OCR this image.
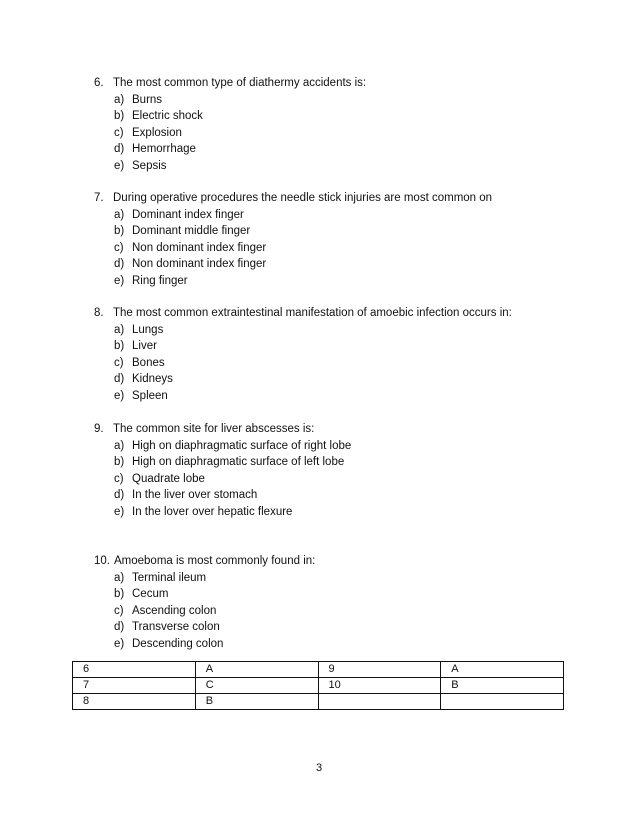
6. The most common type of diathermy accidents is:
a) Burns
b) Electric shock
c) Explosion
d) Hemorrhage
e) Sepsis
7. During operative procedures the needle stick injuries are most common on
a) Dominant index finger
b) Dominant middle finger
c) Non dominant index finger
d) Non dominant index finger
e) Ring finger
8. The most common extraintestinal manifestation of amoebic infection occurs in:
a) Lungs
b) Liver
c) Bones
d) Kidneys
e) Spleen
9. The common site for liver abscesses is:
a) High on diaphragmatic surface of right lobe
b) High on diaphragmatic surface of left lobe
c) Quadrate lobe
d) In the liver over stomach
e) In the lover over hepatic flexure
10. Amoeboma is most commonly found in:
a) Terminal ileum
b) Cecum
c) Ascending colon
d) Transverse colon
e) Descending colon
6	A	9	A
7	C	10	B
8	B		
3
